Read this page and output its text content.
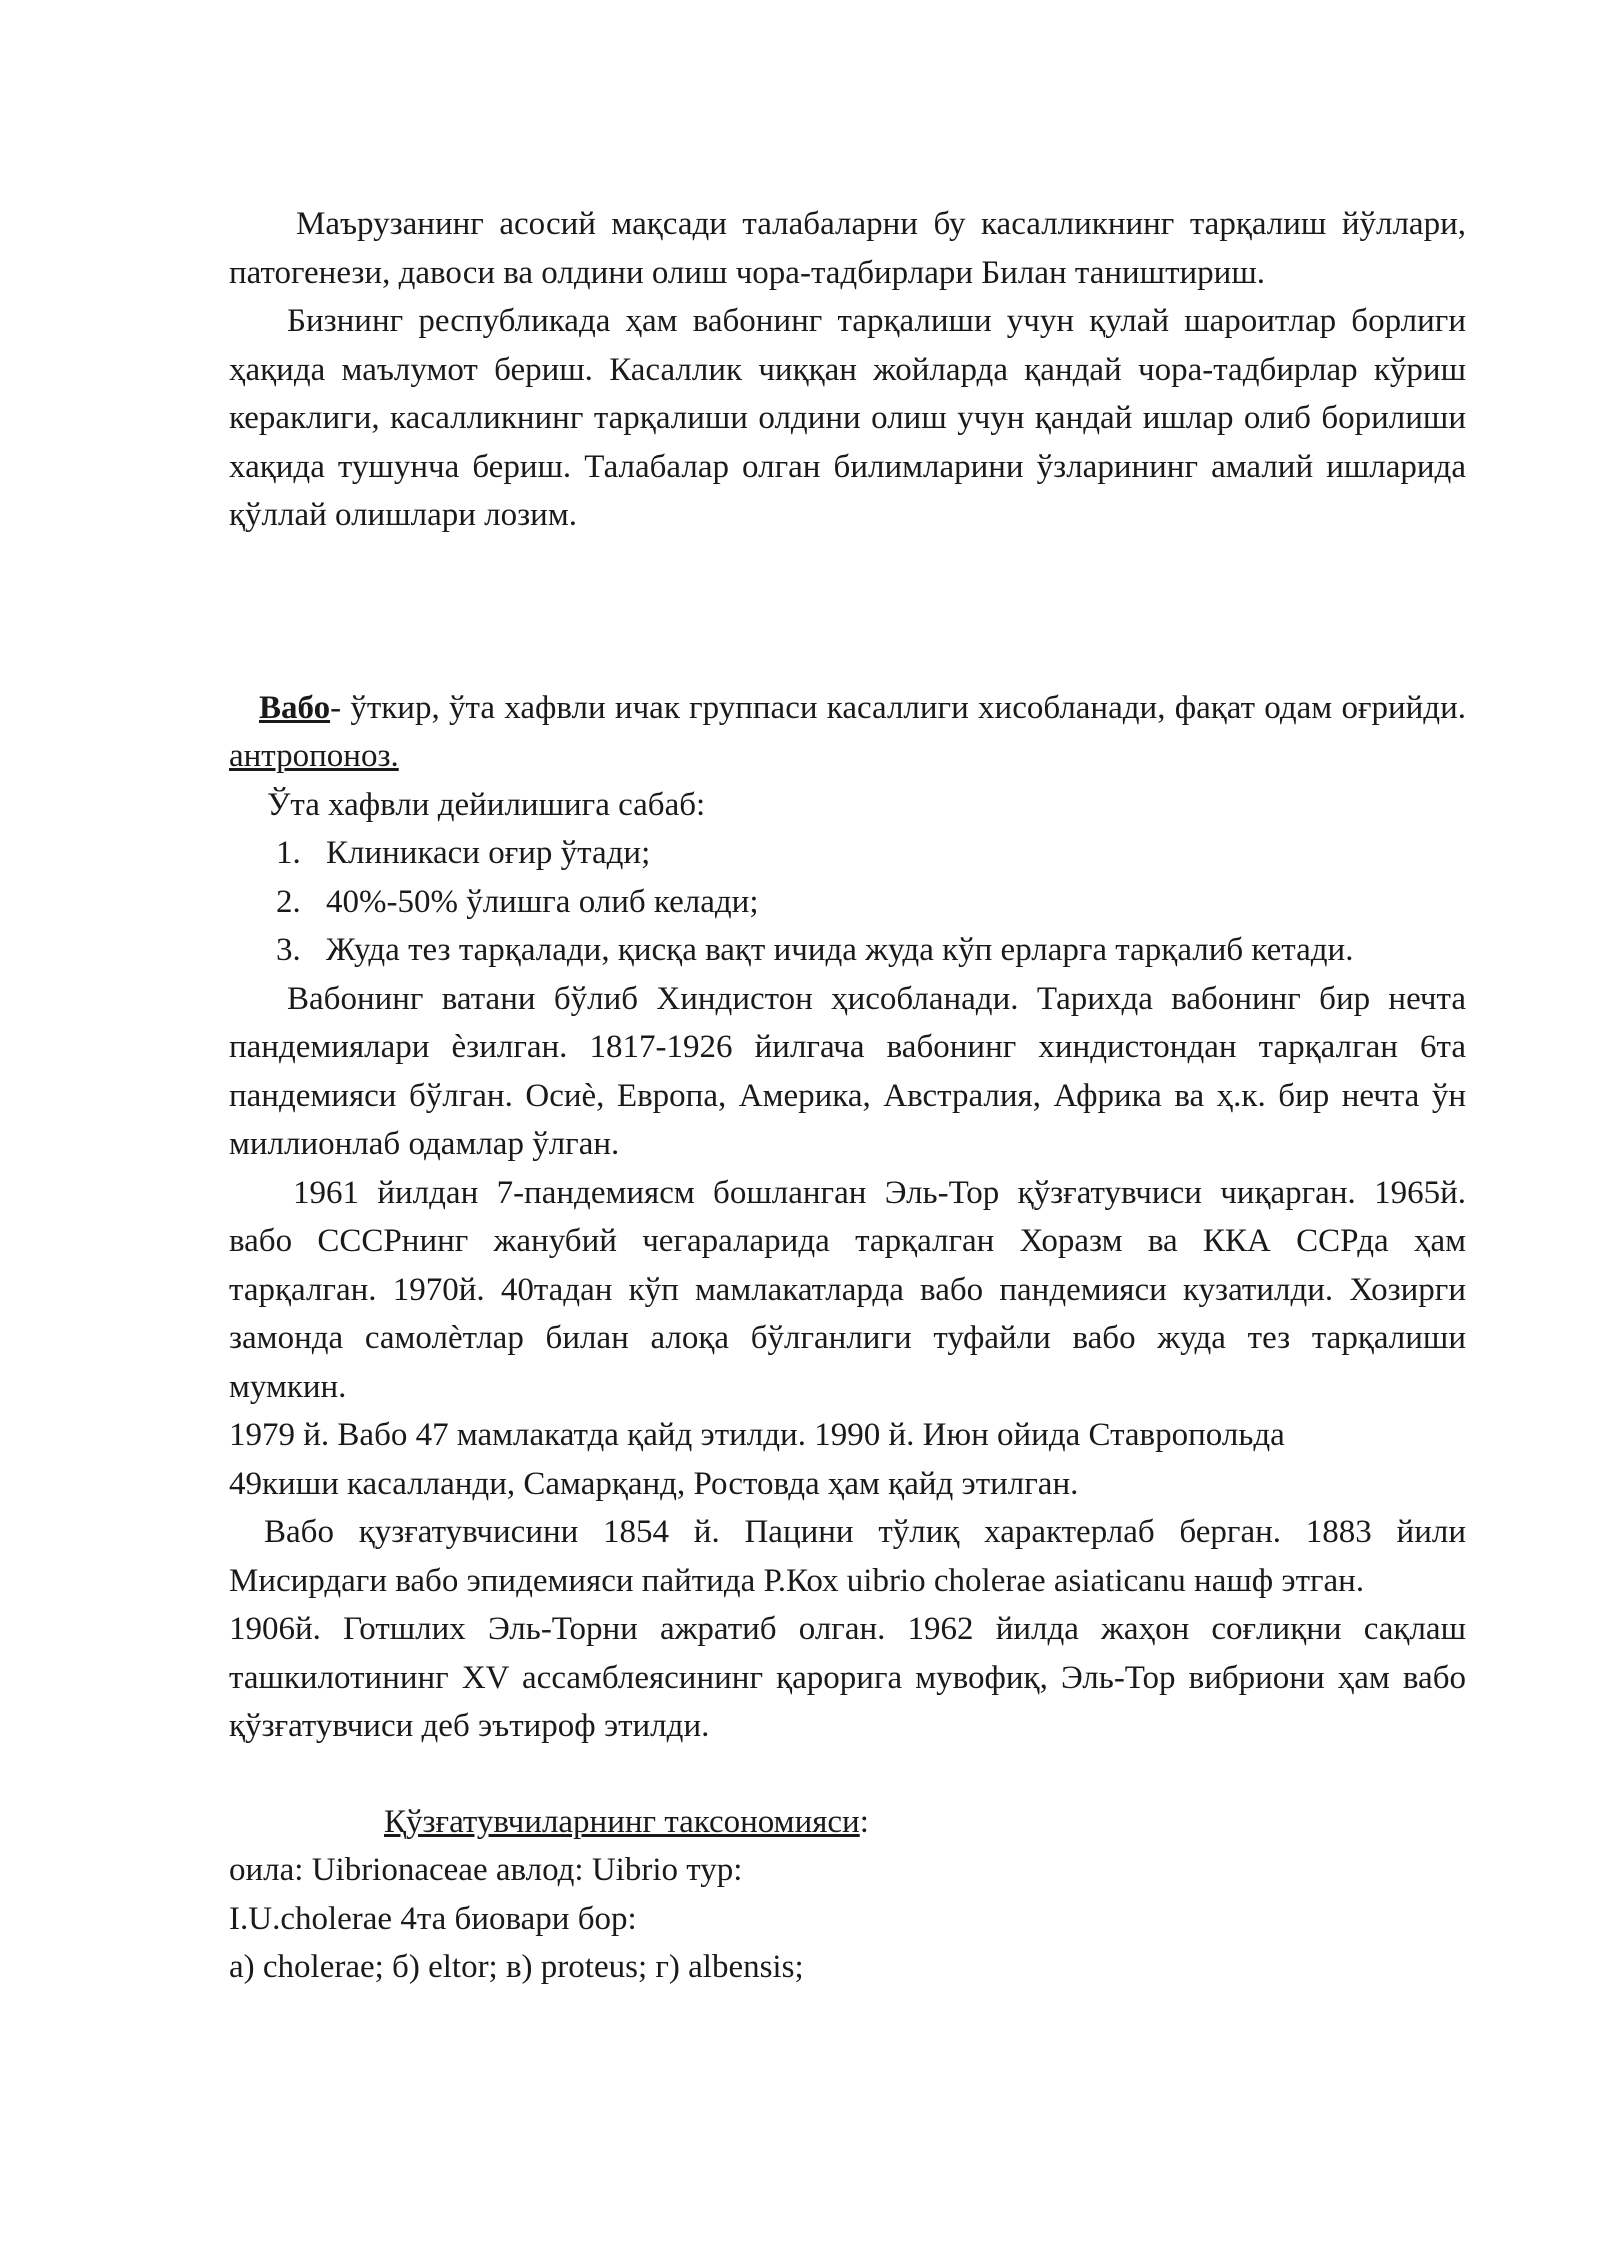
Маърузанинг асосий мақсади талабаларни бу касалликнинг тарқалиш йўллари, патогенези, давоси ва олдини олиш чора-тадбирлари Билан таништириш.

Бизнинг республикада ҳам вабонинг тарқалиши учун қулай шароитлар борлиги ҳақида маълумот бериш. Касаллик чиққан жойларда қандай чора-тадбирлар кўриш кераклиги, касалликнинг тарқалиши олдини олиш учун қандай ишлар олиб борилиши хақида тушунча бериш. Талабалар олган билимларини ўзларининг амалий ишларида қўллай олишлари лозим.

Вабо- ўткир, ўта хафвли ичак группаси касаллиги хисобланади, фақат одам оғрийди. антропоноз.

Ўта хафвли дейилишига сабаб:

1. Клиникаси оғир ўтади;
2. 40%-50% ўлишга олиб келади;
3. Жуда тез тарқалади, қисқа вақт ичида жуда кўп ерларга тарқалиб кетади.

Вабонинг ватани бўлиб Хиндистон ҳисобланади. Тарихда вабонинг бир нечта пандемиялари ѐзилган. 1817-1926 йилгача вабонинг хиндистондан тарқалган 6та пандемияси бўлган. Осиѐ, Европа, Америка, Австралия, Африка ва ҳ.к. бир нечта ўн миллионлаб одамлар ўлган.

1961 йилдан 7-пандемиясм бошланган Эль-Тор қўзғатувчиси чиқарган. 1965й. вабо СССРнинг жанубий чегараларида тарқалган Хоразм ва ККА ССРда ҳам тарқалган. 1970й. 40тадан кўп мамлакатларда вабо пандемияси кузатилди. Хозирги замонда самолѐтлар билан алоқа бўлганлиги туфайли вабо жуда тез тарқалиши мумкин.

1979 й. Вабо 47 мамлакатда қайд этилди. 1990 й. Июн ойида Ставропольда

49киши касалланди, Самарқанд, Ростовда ҳам қайд этилган.

Вабо қузғатувчисини 1854 й. Пацини тўлиқ характерлаб берган. 1883 йили Мисирдаги вабо эпидемияси пайтида Р.Кох uibrio cholerae asiaticanu нашф этган.

1906й. Готшлих Эль-Торни ажратиб олган. 1962 йилда жаҳон соғлиқни сақлаш ташкилотининг XV ассамблеясининг қарорига мувофиқ, Эль-Тор вибриони ҳам вабо қўзғатувчиси деб эътироф этилди.

Қўзғатувчиларнинг таксономияси:

оила: Uibrionaceae авлод: Uibrio тур:

I.U.cholerae 4та биовари бор:

а) cholerae; б) eltor; в) proteus; г) albensis;
